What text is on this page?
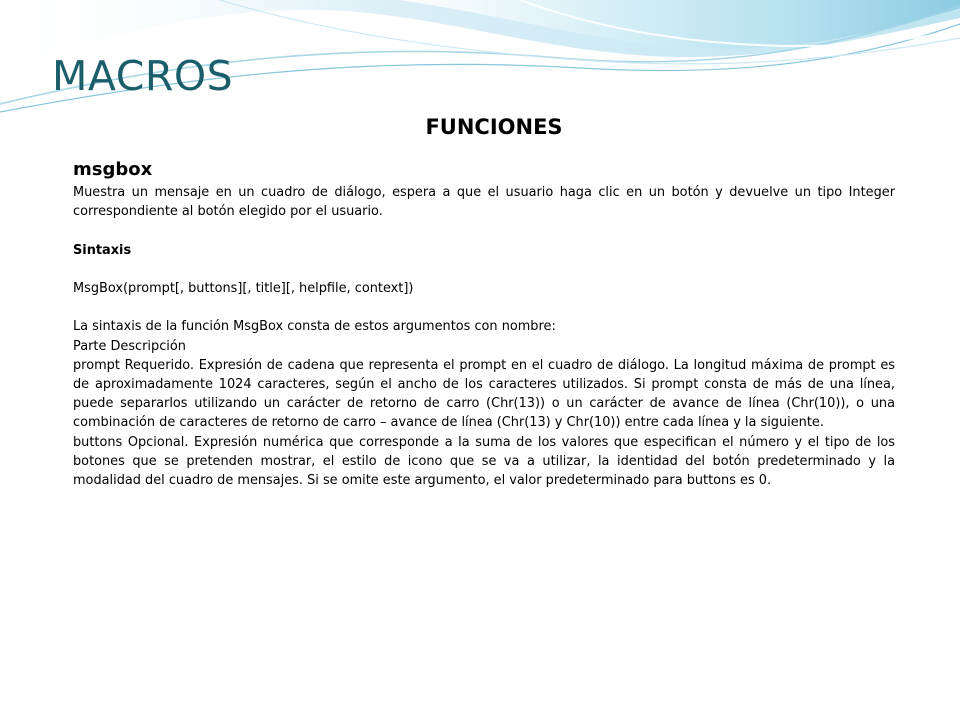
MACROS
FUNCIONES
msgbox

Muestra un mensaje en un cuadro de diálogo, espera a que el usuario haga clic en un botón y devuelve un tipo Integer correspondiente al botón elegido por el usuario.

Sintaxis

MsgBox(prompt[, buttons][, title][, helpfile, context])

La sintaxis de la función MsgBox consta de estos argumentos con nombre:

Parte Descripción

prompt Requerido. Expresión de cadena que representa el prompt en el cuadro de diálogo. La longitud máxima de prompt es de aproximadamente 1024 caracteres, según el ancho de los caracteres utilizados. Si prompt consta de más de una línea, puede separarlos utilizando un carácter de retorno de carro (Chr(13)) o un carácter de avance de línea (Chr(10)), o una combinación de caracteres de retorno de carro – avance de línea (Chr(13) y Chr(10)) entre cada línea y la siguiente.

buttons Opcional. Expresión numérica que corresponde a la suma de los valores que especifican el número y el tipo de los botones que se pretenden mostrar, el estilo de icono que se va a utilizar, la identidad del botón predeterminado y la modalidad del cuadro de mensajes. Si se omite este argumento, el valor predeterminado para buttons es 0.
